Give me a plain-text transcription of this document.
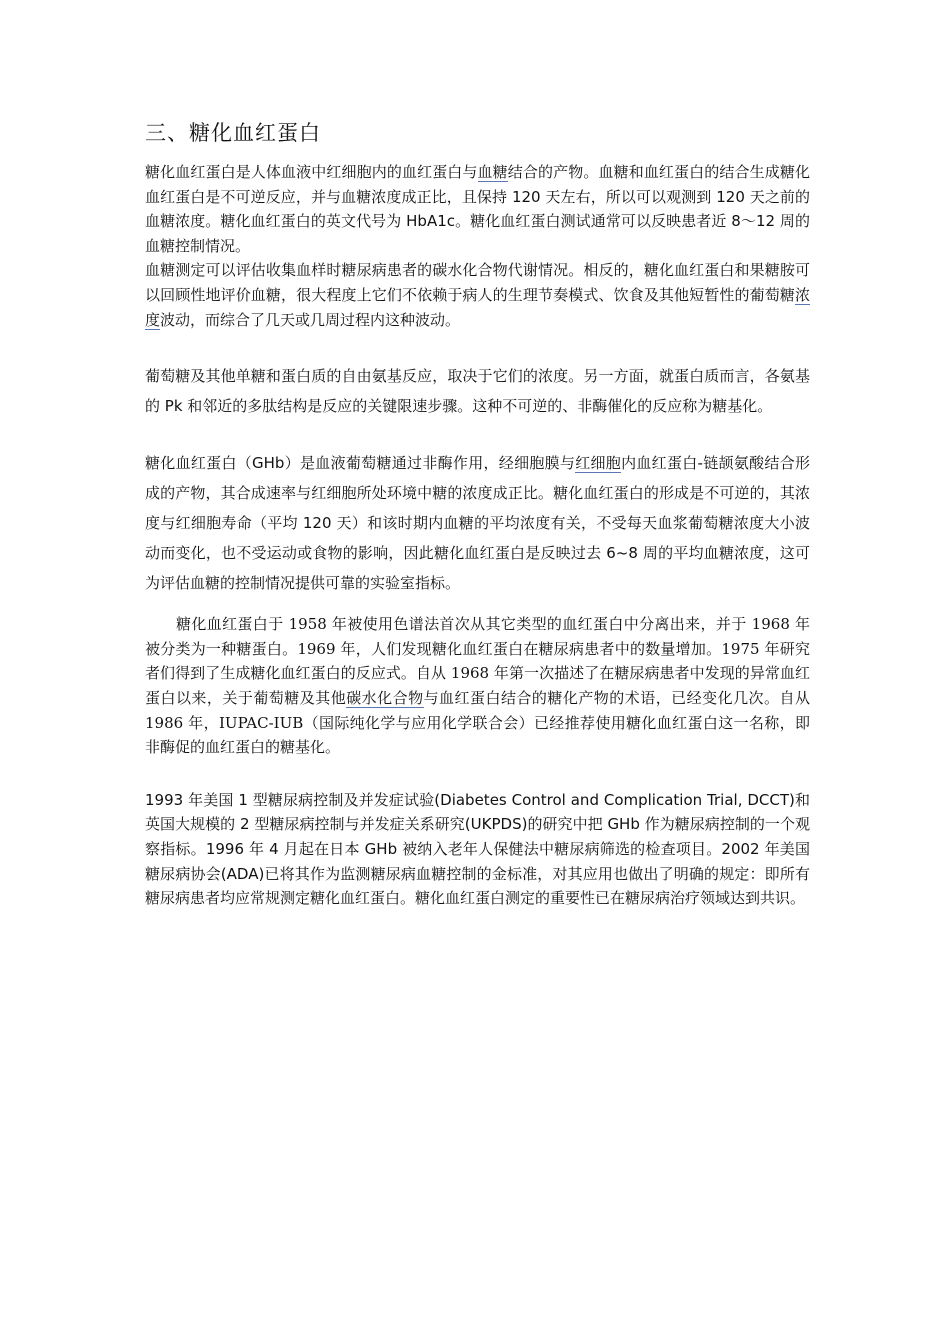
三、糖化血红蛋白

糖化血红蛋白是人体血液中红细胞内的血红蛋白与血糖结合的产物。血糖和血红蛋白的结合生成糖化血红蛋白是不可逆反应，并与血糖浓度成正比，且保持 120 天左右，所以可以观测到 120 天之前的血糖浓度。糖化血红蛋白的英文代号为 HbA1c。糖化血红蛋白测试通常可以反映患者近 8～12 周的血糖控制情况。

血糖测定可以评估收集血样时糖尿病患者的碳水化合物代谢情况。相反的，糖化血红蛋白和果糖胺可以回顾性地评价血糖，很大程度上它们不依赖于病人的生理节奏模式、饮食及其他短暂性的葡萄糖浓度波动，而综合了几天或几周过程内这种波动。

葡萄糖及其他单糖和蛋白质的自由氨基反应，取决于它们的浓度。另一方面，就蛋白质而言，各氨基的 Pk 和邻近的多肽结构是反应的关键限速步骤。这种不可逆的、非酶催化的反应称为糖基化。

糖化血红蛋白（GHb）是血液葡萄糖通过非酶作用，经细胞膜与红细胞内血红蛋白-链颉氨酸结合形成的产物，其合成速率与红细胞所处环境中糖的浓度成正比。糖化血红蛋白的形成是不可逆的，其浓度与红细胞寿命（平均 120 天）和该时期内血糖的平均浓度有关，不受每天血浆葡萄糖浓度大小波动而变化，也不受运动或食物的影响，因此糖化血红蛋白是反映过去 6~8 周的平均血糖浓度，这可为评估血糖的控制情况提供可靠的实验室指标。

糖化血红蛋白于 1958 年被使用色谱法首次从其它类型的血红蛋白中分离出来，并于 1968 年被分类为一种糖蛋白。1969 年，人们发现糖化血红蛋白在糖尿病患者中的数量增加。1975 年研究者们得到了生成糖化血红蛋白的反应式。自从 1968 年第一次描述了在糖尿病患者中发现的异常血红蛋白以来，关于葡萄糖及其他碳水化合物与血红蛋白结合的糖化产物的术语，已经变化几次。自从 1986 年，IUPAC-IUB（国际纯化学与应用化学联合会）已经推荐使用糖化血红蛋白这一名称，即非酶促的血红蛋白的糖基化。

1993 年美国 1 型糖尿病控制及并发症试验(Diabetes Control and Complication Trial, DCCT)和英国大规模的 2 型糖尿病控制与并发症关系研究(UKPDS)的研究中把 GHb 作为糖尿病控制的一个观察指标。1996 年 4 月起在日本 GHb 被纳入老年人保健法中糖尿病筛选的检查项目。2002 年美国糖尿病协会(ADA)已将其作为监测糖尿病血糖控制的金标准，对其应用也做出了明确的规定：即所有糖尿病患者均应常规测定糖化血红蛋白。糖化血红蛋白测定的重要性已在糖尿病治疗领域达到共识。
